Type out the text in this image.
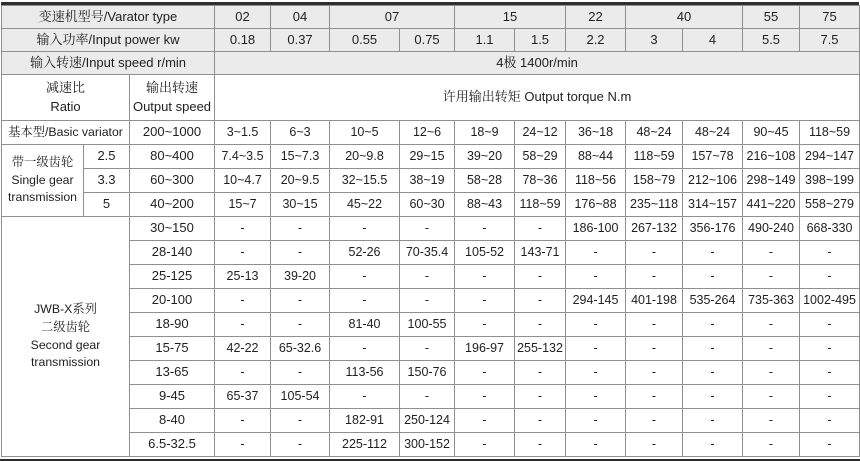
变速机型号/Varator type			02	04	07		15		22	40		55	75
输入功率/Input power kw			0.18	0.37	0.55	0.75	1.1	1.5	2.2	3	4	5.5	7.5
输入转速/Input speed r/min			4极 1400r/min										

减速比
Ratio

输出转速
Output speed
	许用输出转矩 Output torque N.m
基本型/Basic variator		200~1000	3~1.5	6~3	10~5	12~6	18~9	24~12	36~18	48~24	48~24	90~45	118~59

带一级齿轮
Single gear
transmission	2.5	80~400	7.4~3.5	15~7.3	20~9.8	29~15	39~20	58~29	88~44	118~59	157~78	216~108	294~147
	3.3	60~300	10~4.7	20~9.5	32~15.5	38~19	58~28	78~36	118~56	158~79	212~106	298~149	398~199
	5	40~200	15~7	30~15	45~22	60~30	88~43	118~59	176~88	235~118	314~157	441~220	558~279

JWB-X系列
二级齿轮
Second gear
transmission		30~150	-	-	-	-	-	-	186-100	267-132	356-176	490-240	668-330
		28-140	-	-	52-26	70-35.4	105-52	143-71	-	-	-	-	-
		25-125	25-13	39-20	-	-	-	-	-	-	-	-	-
		20-100	-	-	-	-	-	-	294-145	401-198	535-264	735-363	1002-495
		18-90	-	-	81-40	100-55	-	-	-	-	-	-	-
		15-75	42-22	65-32.6	-	-	196-97	255-132	-	-	-	-	-
		13-65	-	-	113-56	150-76	-	-	-	-	-	-	-
		9-45	65-37	105-54	-	-	-	-	-	-	-	-	-
		8-40	-	-	182-91	250-124	-	-	-	-	-	-	-
		6.5-32.5	-	-	225-112	300-152	-	-	-	-	-	-	-
